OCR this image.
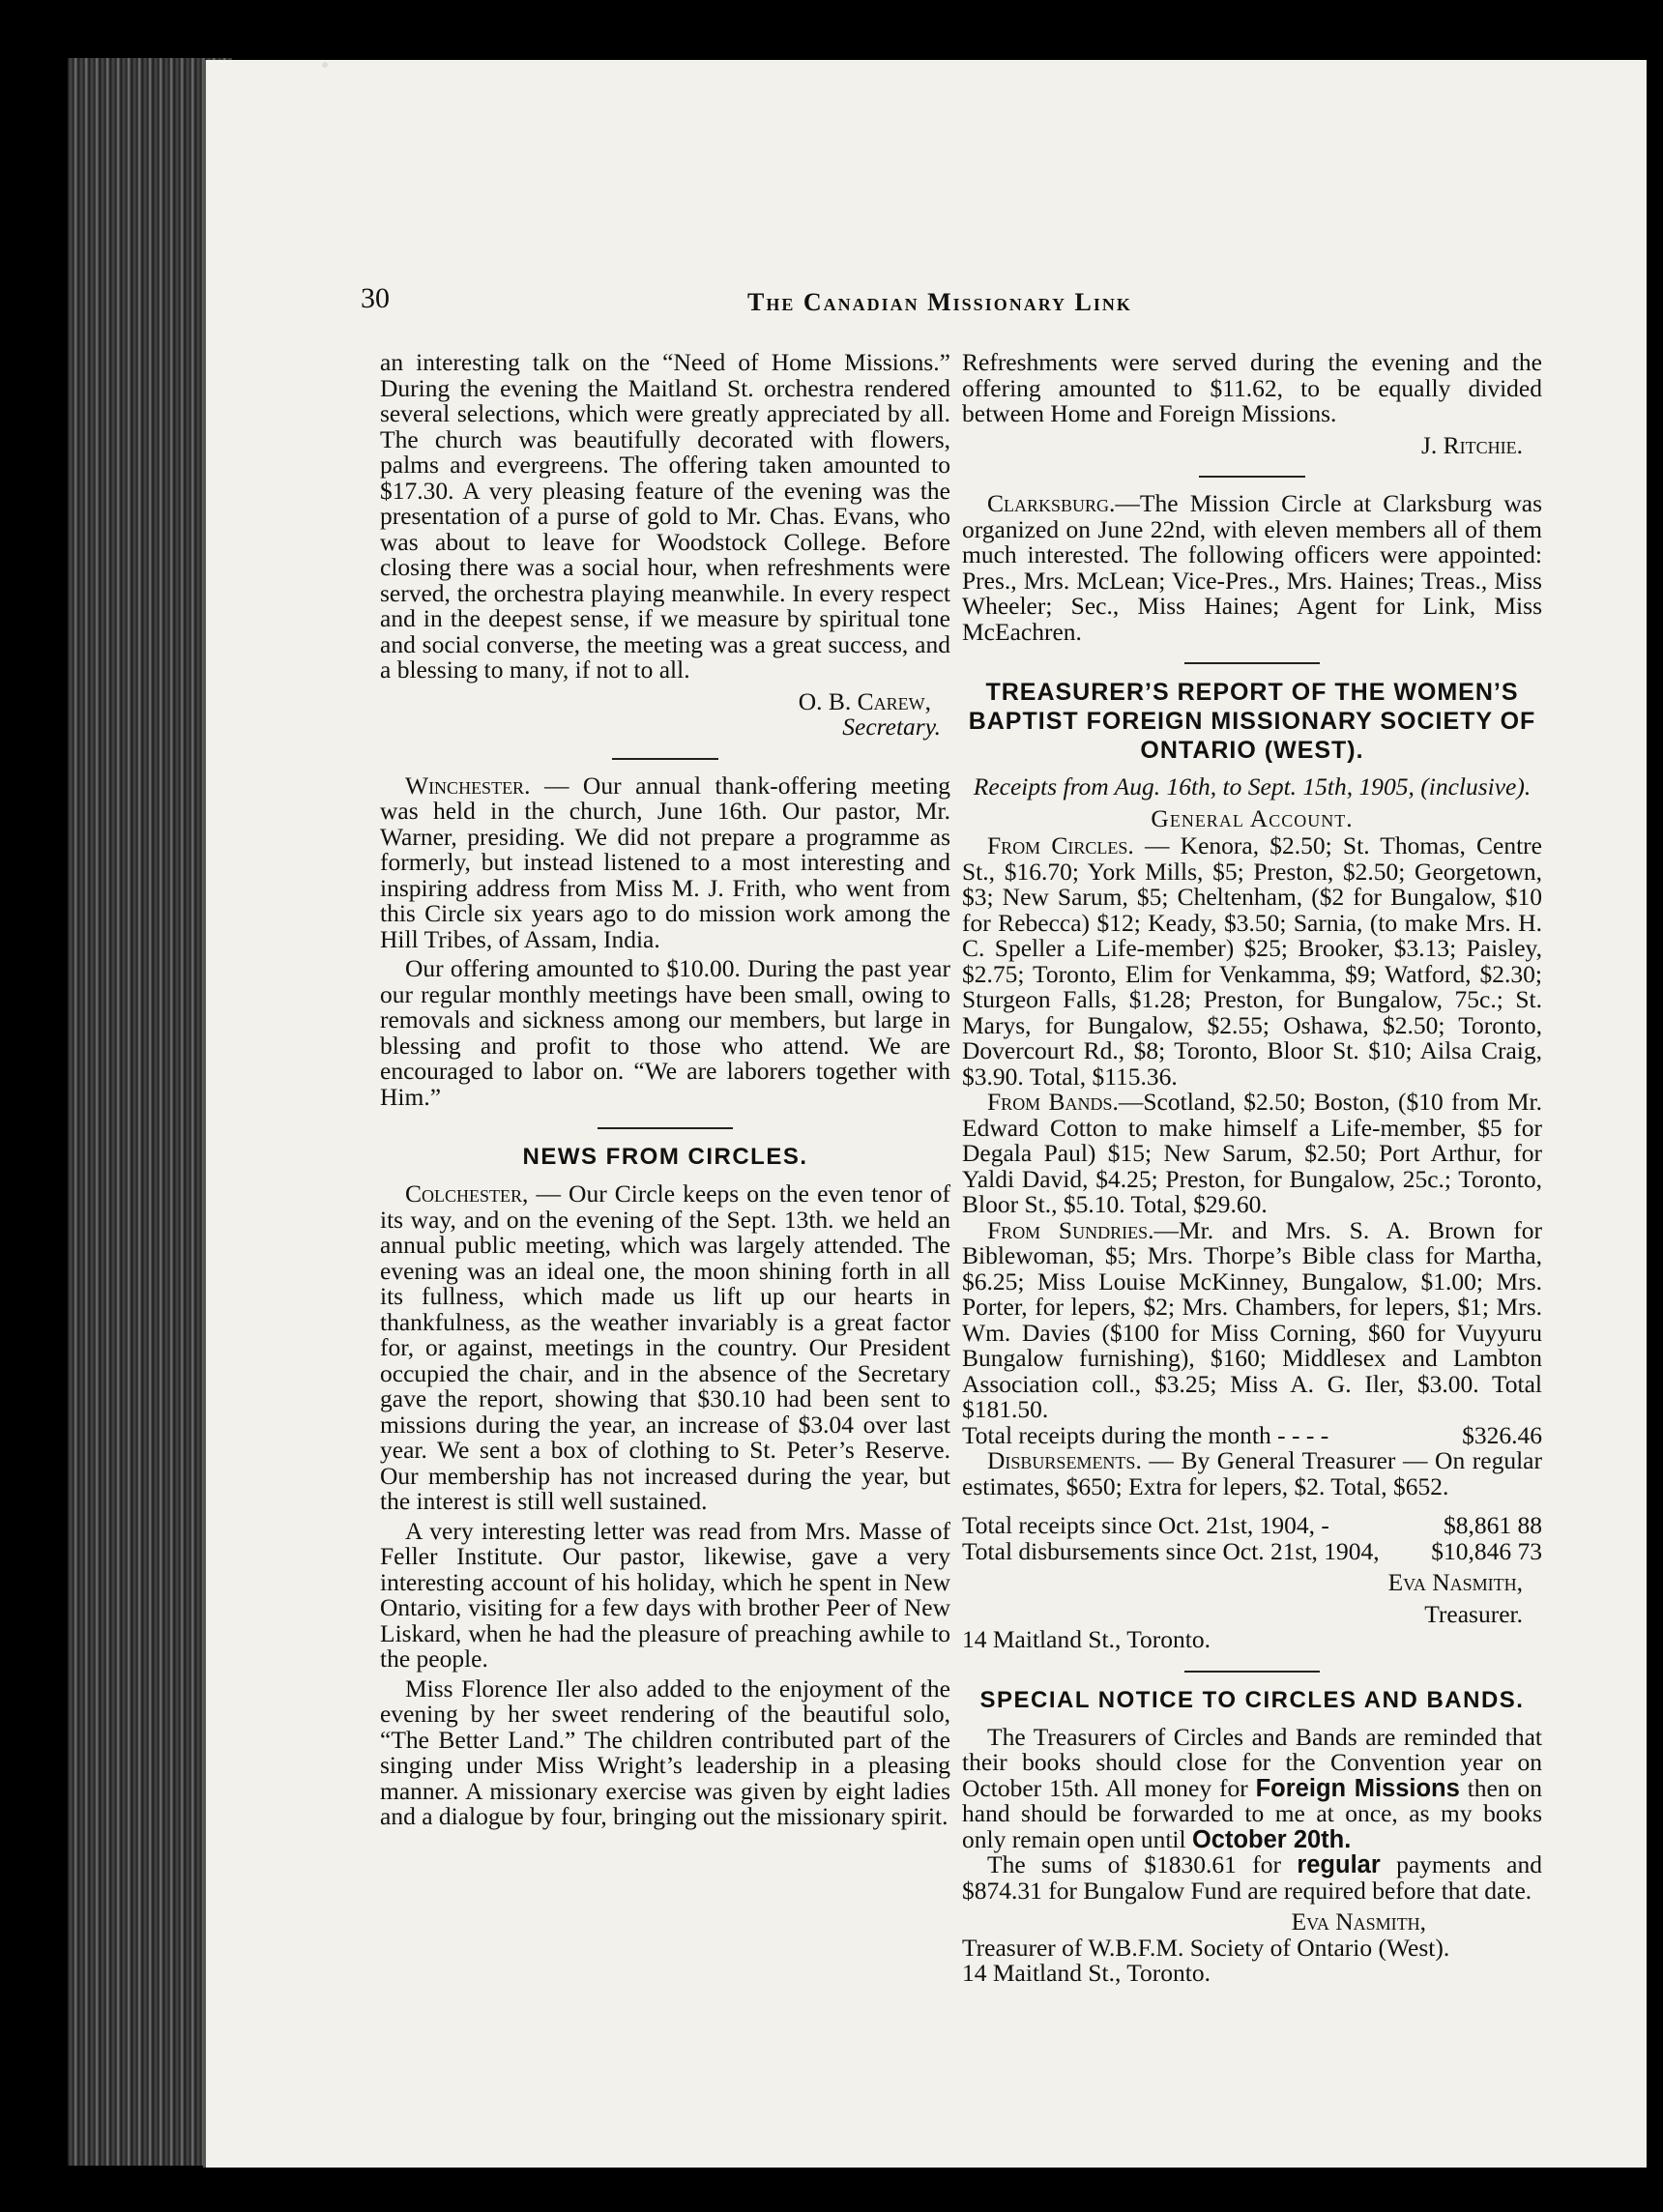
30	The Canadian Missionary Link

an interesting talk on the “Need of Home Missions.” During the evening the Maitland St. orchestra rendered several selections, which were greatly appreciated by all. The church was beautifully decorated with flowers, palms and evergreens. The offering taken amounted to $17.30. A very pleasing feature of the evening was the presentation of a purse of gold to Mr. Chas. Evans, who was about to leave for Woodstock College. Before closing there was a social hour, when refreshments were served, the orchestra playing meanwhile. In every respect and in the deepest sense, if we measure by spiritual tone and social converse, the meeting was a great success, and a blessing to many, if not to all.

O. B. Carew,
Secretary.

Winchester. — Our annual thank-offering meeting was held in the church, June 16th. Our pastor, Mr. Warner, presiding. We did not prepare a programme as formerly, but instead listened to a most interesting and inspiring address from Miss M. J. Frith, who went from this Circle six years ago to do mission work among the Hill Tribes, of Assam, India.

Our offering amounted to $10.00. During the past year our regular monthly meetings have been small, owing to removals and sickness among our members, but large in blessing and profit to those who attend. We are encouraged to labor on. “We are laborers together with Him.”

NEWS FROM CIRCLES.

Colchester, — Our Circle keeps on the even tenor of its way, and on the evening of the Sept. 13th. we held an annual public meeting, which was largely attended. The evening was an ideal one, the moon shining forth in all its fullness, which made us lift up our hearts in thankfulness, as the weather invariably is a great factor for, or against, meetings in the country. Our President occupied the chair, and in the absence of the Secretary gave the report, showing that $30.10 had been sent to missions during the year, an increase of $3.04 over last year. We sent a box of clothing to St. Peter’s Reserve. Our membership has not increased during the year, but the interest is still well sustained.

A very interesting letter was read from Mrs. Masse of Feller Institute. Our pastor, likewise, gave a very interesting account of his holiday, which he spent in New Ontario, visiting for a few days with brother Peer of New Liskard, when he had the pleasure of preaching awhile to the people.

Miss Florence Iler also added to the enjoyment of the evening by her sweet rendering of the beautiful solo, “The Better Land.” The children contributed part of the singing under Miss Wright’s leadership in a pleasing manner. A missionary exercise was given by eight ladies and a dialogue by four, bringing out the missionary spirit.

Refreshments were served during the evening and the offering amounted to $11.62, to be equally divided between Home and Foreign Missions.

J. Ritchie.

Clarksburg.—The Mission Circle at Clarksburg was organized on June 22nd, with eleven members all of them much interested. The following officers were appointed: Pres., Mrs. McLean; Vice-Pres., Mrs. Haines; Treas., Miss Wheeler; Sec., Miss Haines; Agent for Link, Miss McEachren.

TREASURER’S REPORT OF THE WOMEN’S BAPTIST FOREIGN MISSIONARY SOCIETY OF ONTARIO (WEST).
Receipts from Aug. 16th, to Sept. 15th, 1905, (inclusive).
General Account.

From Circles. — Kenora, $2.50; St. Thomas, Centre St., $16.70; York Mills, $5; Preston, $2.50; Georgetown, $3; New Sarum, $5; Cheltenham, ($2 for Bungalow, $10 for Rebecca) $12; Keady, $3.50; Sarnia, (to make Mrs. H. C. Speller a Life-member) $25; Brooker, $3.13; Paisley, $2.75; Toronto, Elim for Venkamma, $9; Watford, $2.30; Sturgeon Falls, $1.28; Preston, for Bungalow, 75c.; St. Marys, for Bungalow, $2.55; Oshawa, $2.50; Toronto, Dovercourt Rd., $8; Toronto, Bloor St. $10; Ailsa Craig, $3.90. Total, $115.36.

From Bands.—Scotland, $2.50; Boston, ($10 from Mr. Edward Cotton to make himself a Life-member, $5 for Degala Paul) $15; New Sarum, $2.50; Port Arthur, for Yaldi David, $4.25; Preston, for Bungalow, 25c.; Toronto, Bloor St., $5.10. Total, $29.60.

From Sundries.—Mr. and Mrs. S. A. Brown for Biblewoman, $5; Mrs. Thorpe’s Bible class for Martha, $6.25; Miss Louise McKinney, Bungalow, $1.00; Mrs. Porter, for lepers, $2; Mrs. Chambers, for lepers, $1; Mrs. Wm. Davies ($100 for Miss Corning, $60 for Vuyyuru Bungalow furnishing), $160; Middlesex and Lambton Association coll., $3.25; Miss A. G. Iler, $3.00. Total $181.50.

Total receipts during the month - - - -	$326.46

Disbursements. — By General Treasurer — On regular estimates, $650; Extra for lepers, $2. Total, $652.

Total receipts since Oct. 21st, 1904, -	$8,861 88
Total disbursements since Oct. 21st, 1904, $10,846 73
Eva Nasmith,
Treasurer.
14 Maitland St., Toronto.
SPECIAL NOTICE TO CIRCLES AND BANDS.

The Treasurers of Circles and Bands are reminded that their books should close for the Convention year on October 15th. All money for Foreign Missions then on hand should be forwarded to me at once, as my books only remain open until October 20th.

The sums of $1830.61 for regular payments and $874.31 for Bungalow Fund are required before that date.

Eva Nasmith,
Treasurer of W.B.F.M. Society of Ontario (West).
14 Maitland St., Toronto.
